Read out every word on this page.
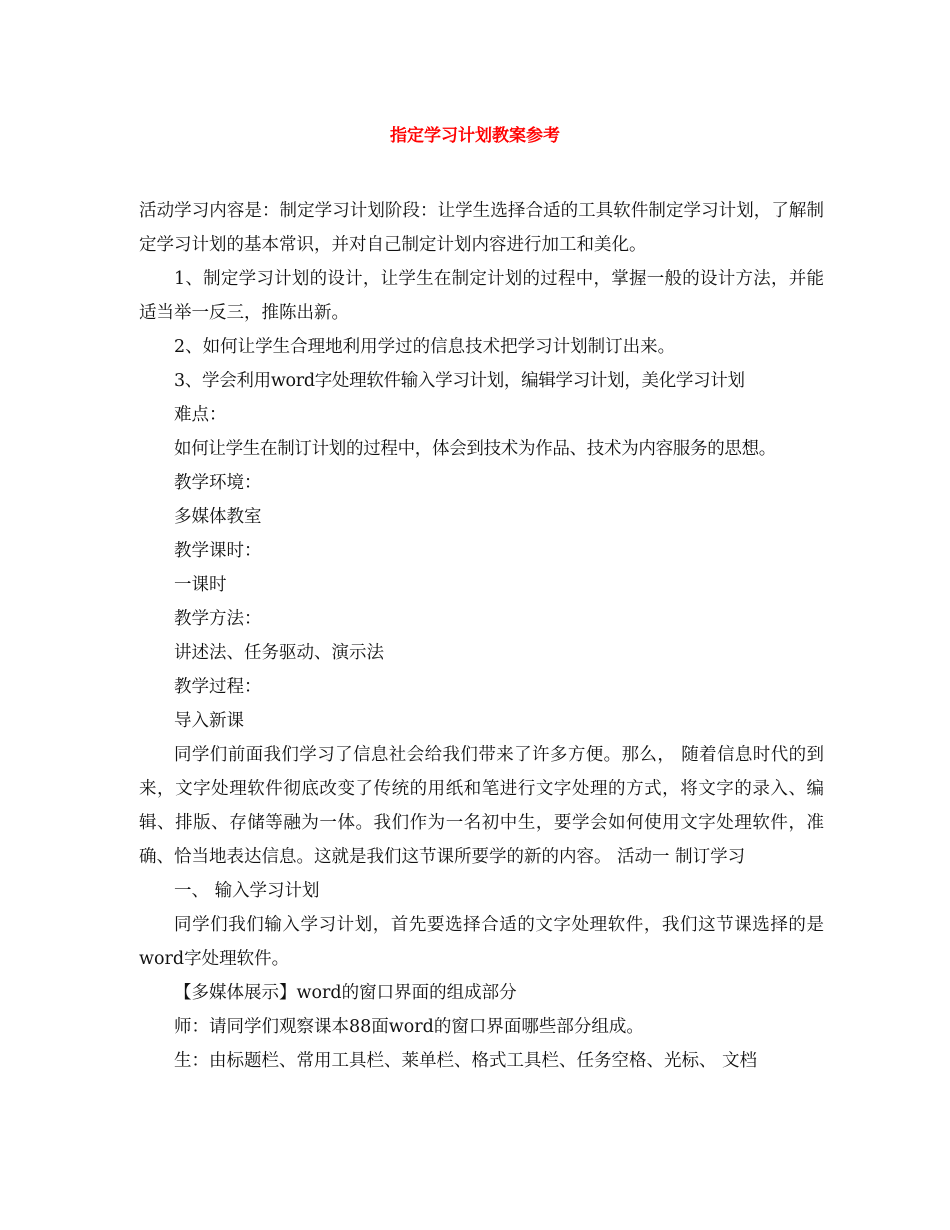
指定学习计划教案参考

活动学习内容是：制定学习计划阶段：让学生选择合适的工具软件制定学习计划，了解制定学习计划的基本常识，并对自己制定计划内容进行加工和美化。

1、制定学习计划的设计，让学生在制定计划的过程中，掌握一般的设计方法，并能适当举一反三，推陈出新。

2、如何让学生合理地利用学过的信息技术把学习计划制订出来。

3、学会利用word字处理软件输入学习计划，编辑学习计划，美化学习计划

难点：

如何让学生在制订计划的过程中，体会到技术为作品、技术为内容服务的思想。

教学环境：

多媒体教室

教学课时：

一课时

教学方法：

讲述法、任务驱动、演示法

教学过程：

导入新课

同学们前面我们学习了信息社会给我们带来了许多方便。那么， 随着信息时代的到来，文字处理软件彻底改变了传统的用纸和笔进行文字处理的方式，将文字的录入、编辑、排版、存储等融为一体。我们作为一名初中生，要学会如何使用文字处理软件，准确、恰当地表达信息。这就是我们这节课所要学的新的内容。 活动一 制订学习

一、 输入学习计划

同学们我们输入学习计划，首先要选择合适的文字处理软件，我们这节课选择的是word字处理软件。

【多媒体展示】word的窗口界面的组成部分

师：请同学们观察课本88面word的窗口界面哪些部分组成。

生：由标题栏、常用工具栏、莱单栏、格式工具栏、任务空格、光标、 文档
